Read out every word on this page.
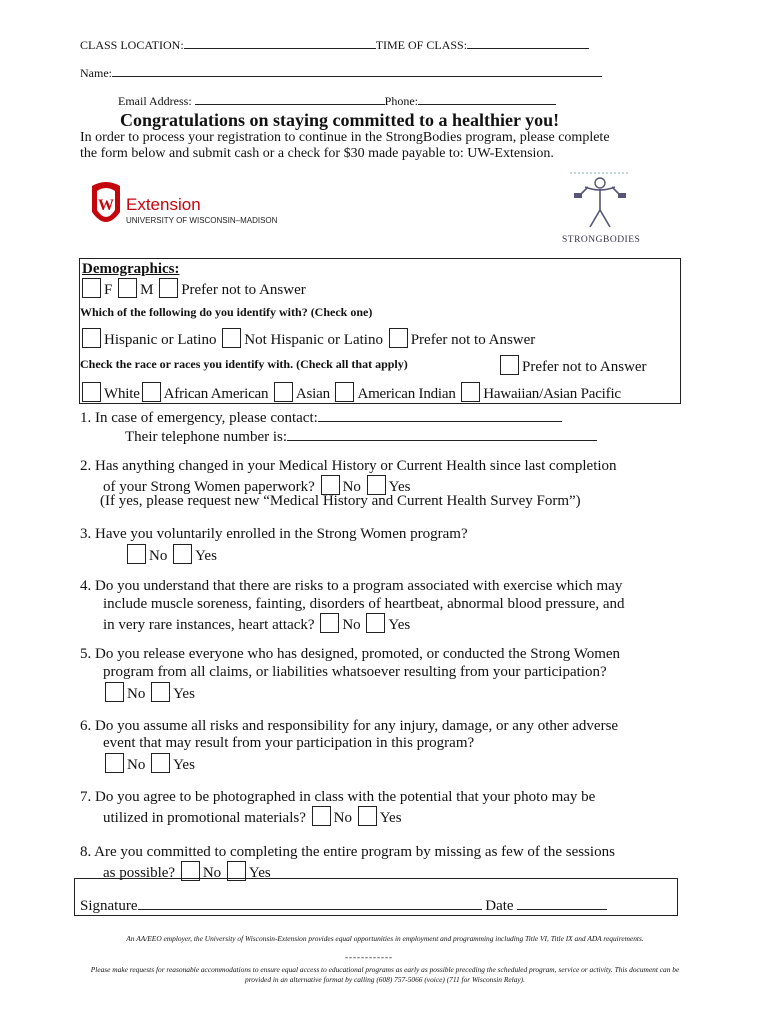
CLASS LOCATION:	TIME OF CLASS:
Name:
Email Address:	Phone:
Congratulations on staying committed to a healthier you!
In order to process your registration to continue in the StrongBodies program, please complete
the form below and submit cash or a check for $30 made payable to: UW-Extension.
W Extension
UNIVERSITY OF WISCONSIN–MADISON
STRONGBODIES
Demographics:
F M Prefer not to Answer
Which of the following do you identify with? (Check one)
Hispanic or Latino Not Hispanic or Latino Prefer not to Answer
Check the race or races you identify with. (Check all that apply)	Prefer not to Answer
White African American Asian American Indian Hawaiian/Asian Pacific
1. In case of emergency, please contact:
Their telephone number is:
2. Has anything changed in your Medical History or Current Health since last completion
of your Strong Women paperwork? No Yes
(If yes, please request new “Medical History and Current Health Survey Form”)
3. Have you voluntarily enrolled in the Strong Women program?
No Yes
4. Do you understand that there are risks to a program associated with exercise which may
include muscle soreness, fainting, disorders of heartbeat, abnormal blood pressure, and
in very rare instances, heart attack? No Yes
5. Do you release everyone who has designed, promoted, or conducted the Strong Women
program from all claims, or liabilities whatsoever resulting from your participation?
No Yes
6. Do you assume all risks and responsibility for any injury, damage, or any other adverse
event that may result from your participation in this program?
No Yes
7. Do you agree to be photographed in class with the potential that your photo may be
utilized in promotional materials? No Yes
8. Are you committed to completing the entire program by missing as few of the sessions
as possible? No Yes
Signature	Date
An AA/EEO employer, the University of Wisconsin-Extension provides equal opportunities in employment and programming including Title VI, Title IX and ADA requirements.
------------
Please make requests for reasonable accommodations to ensure equal access to educational programs as early as possible preceding the scheduled program, service or activity. This document can be provided in an alternative format by calling (608) 757-5066 (voice) (711 for Wisconsin Relay).
